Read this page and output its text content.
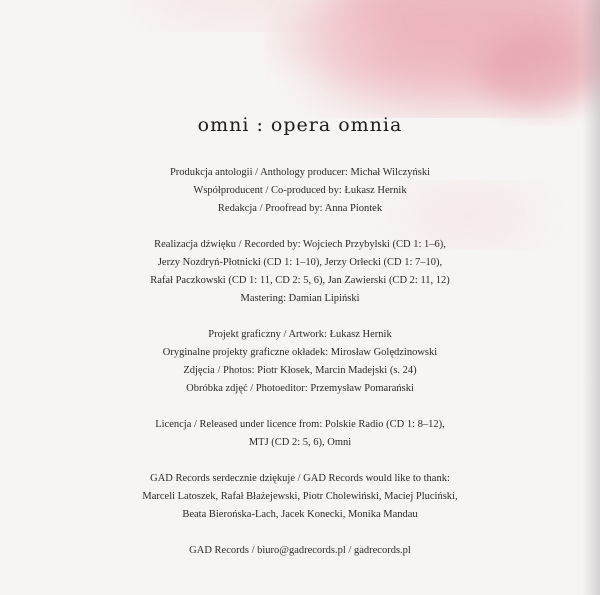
omni : opera omnia
Produkcja antologii / Anthology producer: Michał Wilczyński
Współproducent / Co-produced by: Łukasz Hernik
Redakcja / Proofread by: Anna Piontek
Realizacja dźwięku / Recorded by: Wojciech Przybylski (CD 1: 1–6),
Jerzy Nozdryń-Płotnicki (CD 1: 1–10), Jerzy Orłecki (CD 1: 7–10),
Rafał Paczkowski (CD 1: 11, CD 2: 5, 6), Jan Zawierski (CD 2: 11, 12)
Mastering: Damian Lipiński
Projekt graficzny / Artwork: Łukasz Hernik
Oryginalne projekty graficzne okładek: Mirosław Golędzinowski
Zdjęcia / Photos: Piotr Kłosek, Marcin Madejski (s. 24)
Obróbka zdjęć / Photoeditor: Przemysław Pomarański
Licencja / Released under licence from: Polskie Radio (CD 1: 8–12),
MTJ (CD 2: 5, 6), Omni
GAD Records serdecznie dziękuje / GAD Records would like to thank:
Marceli Latoszek, Rafał Błażejewski, Piotr Cholewiński, Maciej Pluciński,
Beata Bierońska-Lach, Jacek Konecki, Monika Mandau
GAD Records / biuro@gadrecords.pl / gadrecords.pl
